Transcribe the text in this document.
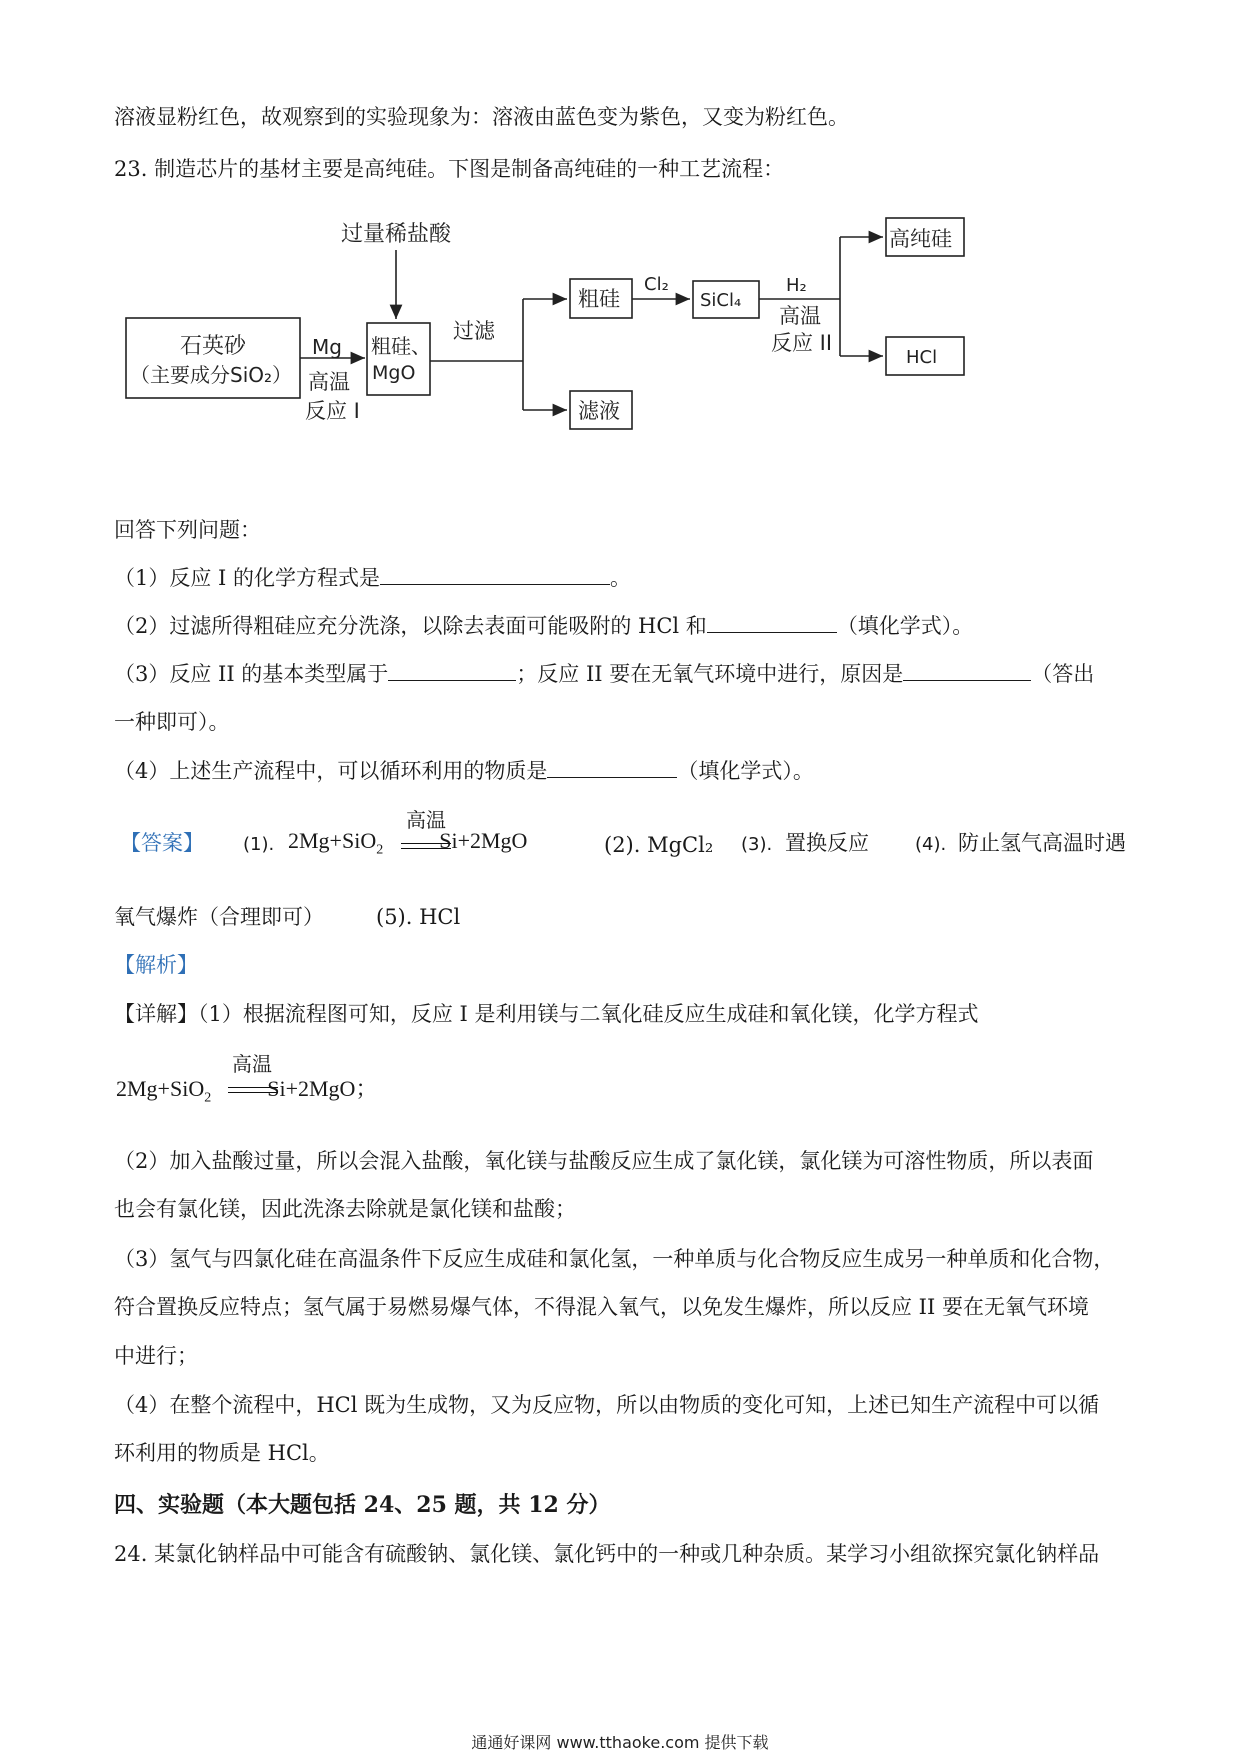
溶液显粉红色，故观察到的实验现象为：溶液由蓝色变为紫色，又变为粉红色。
23. 制造芯片的基材主要是高纯硅。下图是制备高纯硅的一种工艺流程：
过量稀盐酸
石英砂
（主要成分SiO₂）
Mg
高温
反应 I
粗硅、
MgO
过滤
粗硅
滤液
Cl₂
SiCl₄
H₂
高温
反应 II
高纯硅
HCl
回答下列问题：
（1）反应 I 的化学方程式是	。
（2）过滤所得粗硅应充分洗涤，以除去表面可能吸附的 HCl 和	（填化学式）。
（3）反应 II 的基本类型属于	；反应 II 要在无氧气环境中进行，原因是	（答出
一种即可）。
（4）上述生产流程中，可以循环利用的物质是	（填化学式）。
【答案】 (1). 2Mg+SiO$_2$	Si+2MgO
高温
(2). MgCl₂ (3). 置换反应	(4). 防止氢气高温时遇
氧气爆炸（合理即可） (5). HCl
【解析】
【详解】（1）根据流程图可知，反应 I 是利用镁与二氧化硅反应生成硅和氧化镁，化学方程式
2Mg+SiO$_2$	Si+2MgO；
高温
（2）加入盐酸过量，所以会混入盐酸，氧化镁与盐酸反应生成了氯化镁，氯化镁为可溶性物质，所以表面
也会有氯化镁，因此洗涤去除就是氯化镁和盐酸；
（3）氢气与四氯化硅在高温条件下反应生成硅和氯化氢，一种单质与化合物反应生成另一种单质和化合物，
符合置换反应特点；氢气属于易燃易爆气体，不得混入氧气，以免发生爆炸，所以反应 II 要在无氧气环境
中进行；
（4）在整个流程中，HCl 既为生成物，又为反应物，所以由物质的变化可知，上述已知生产流程中可以循
环利用的物质是 HCl。
四、实验题（本大题包括 24、25 题，共 12 分）
24. 某氯化钠样品中可能含有硫酸钠、氯化镁、氯化钙中的一种或几种杂质。某学习小组欲探究氯化钠样品
通通好课网 www.tthaoke.com 提供下载
